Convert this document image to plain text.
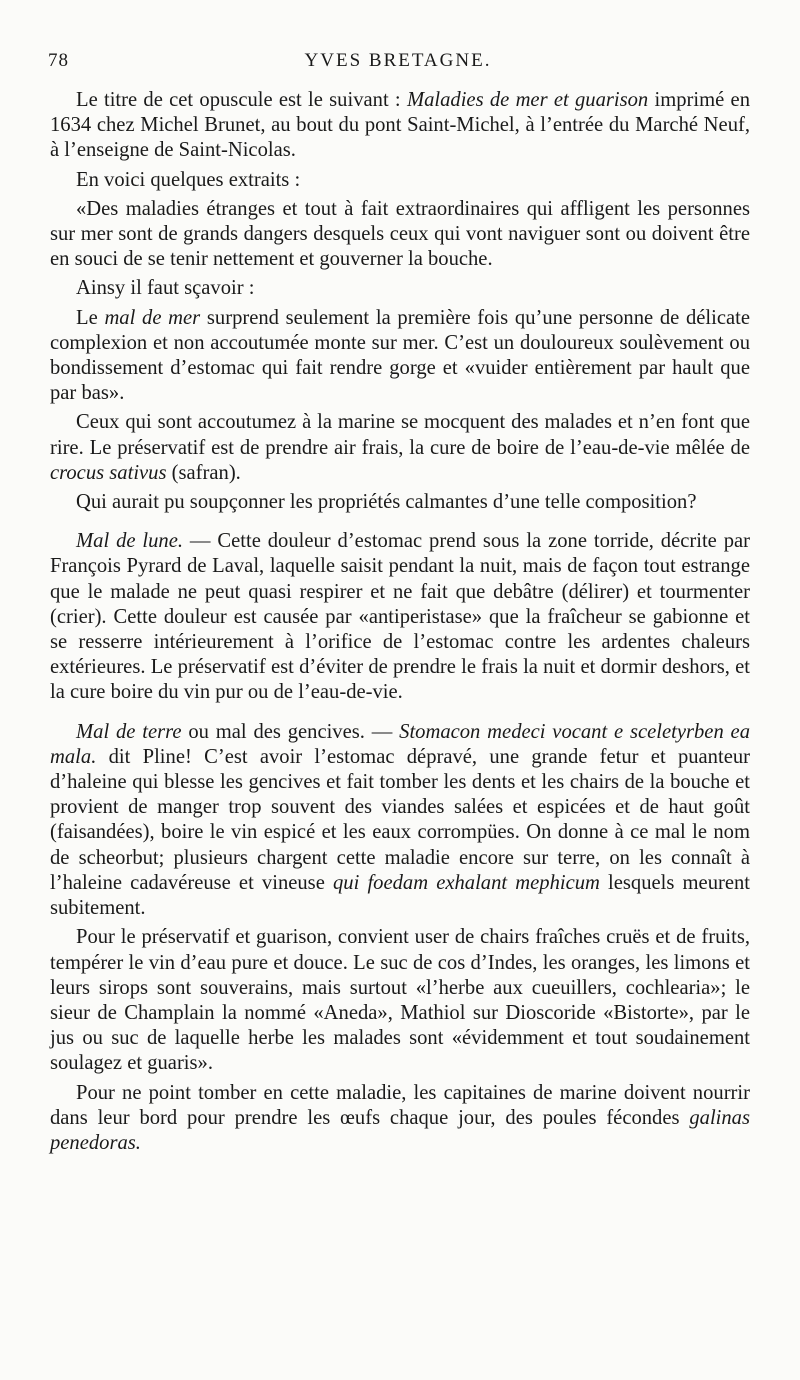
78	YVES BRETAGNE.

Le titre de cet opuscule est le suivant : Maladies de mer et guarison imprimé en 1634 chez Michel Brunet, au bout du pont Saint-Michel, à l’entrée du Marché Neuf, à l’enseigne de Saint-Nicolas.

En voici quelques extraits :

«Des maladies étranges et tout à fait extraordinaires qui affligent les personnes sur mer sont de grands dangers desquels ceux qui vont naviguer sont ou doivent être en souci de se tenir nettement et gouverner la bouche.

Ainsy il faut sçavoir :

Le mal de mer surprend seulement la première fois qu’une personne de délicate complexion et non accoutumée monte sur mer. C’est un douloureux soulèvement ou bondissement d’estomac qui fait rendre gorge et «vuider entièrement par hault que par bas».

Ceux qui sont accoutumez à la marine se mocquent des malades et n’en font que rire. Le préservatif est de prendre air frais, la cure de boire de l’eau-de-vie mêlée de crocus sativus (safran).

Qui aurait pu soupçonner les propriétés calmantes d’une telle composition?

Mal de lune. — Cette douleur d’estomac prend sous la zone torride, décrite par François Pyrard de Laval, laquelle saisit pendant la nuit, mais de façon tout estrange que le malade ne peut quasi respirer et ne fait que debâtre (délirer) et tourmenter (crier). Cette douleur est causée par «antiperistase» que la fraîcheur se gabionne et se resserre intérieurement à l’orifice de l’estomac contre les ardentes chaleurs extérieures. Le préservatif est d’éviter de prendre le frais la nuit et dormir deshors, et la cure boire du vin pur ou de l’eau-de-vie.

Mal de terre ou mal des gencives. — Stomacon medeci vocant e sceletyrben ea mala. dit Pline! C’est avoir l’estomac dépravé, une grande fetur et puanteur d’haleine qui blesse les gencives et fait tomber les dents et les chairs de la bouche et provient de manger trop souvent des viandes salées et espicées et de haut goût (faisandées), boire le vin espicé et les eaux corrompües. On donne à ce mal le nom de scheorbut; plusieurs chargent cette maladie encore sur terre, on les connaît à l’haleine cadavéreuse et vineuse qui foedam exhalant mephicum lesquels meurent subitement.

Pour le préservatif et guarison, convient user de chairs fraîches cruës et de fruits, tempérer le vin d’eau pure et douce. Le suc de cos d’Indes, les oranges, les limons et leurs sirops sont souverains, mais surtout «l’herbe aux cueuillers, cochlearia»; le sieur de Champlain la nommé «Aneda», Mathiol sur Dioscoride «Bistorte», par le jus ou suc de laquelle herbe les malades sont «évidemment et tout soudainement soulagez et guaris».

Pour ne point tomber en cette maladie, les capitaines de marine doivent nourrir dans leur bord pour prendre les œufs chaque jour, des poules fécondes galinas penedoras.
